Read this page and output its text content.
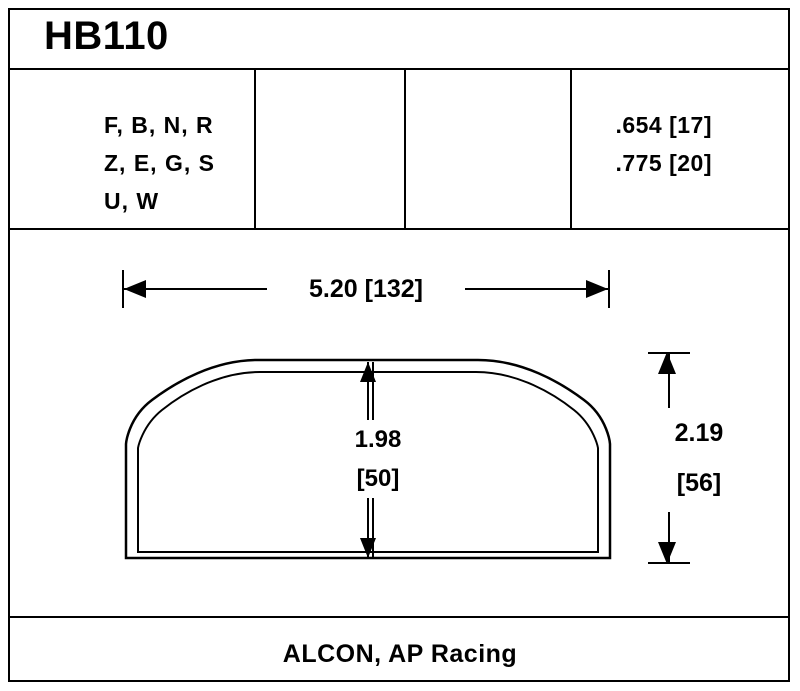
HB110
F, B, N, R
Z, E, G, S
U, W
.654 [17]
.775 [20]
5.20 [132]
1.98
[50]
2.19
[56]
ALCON, AP Racing
